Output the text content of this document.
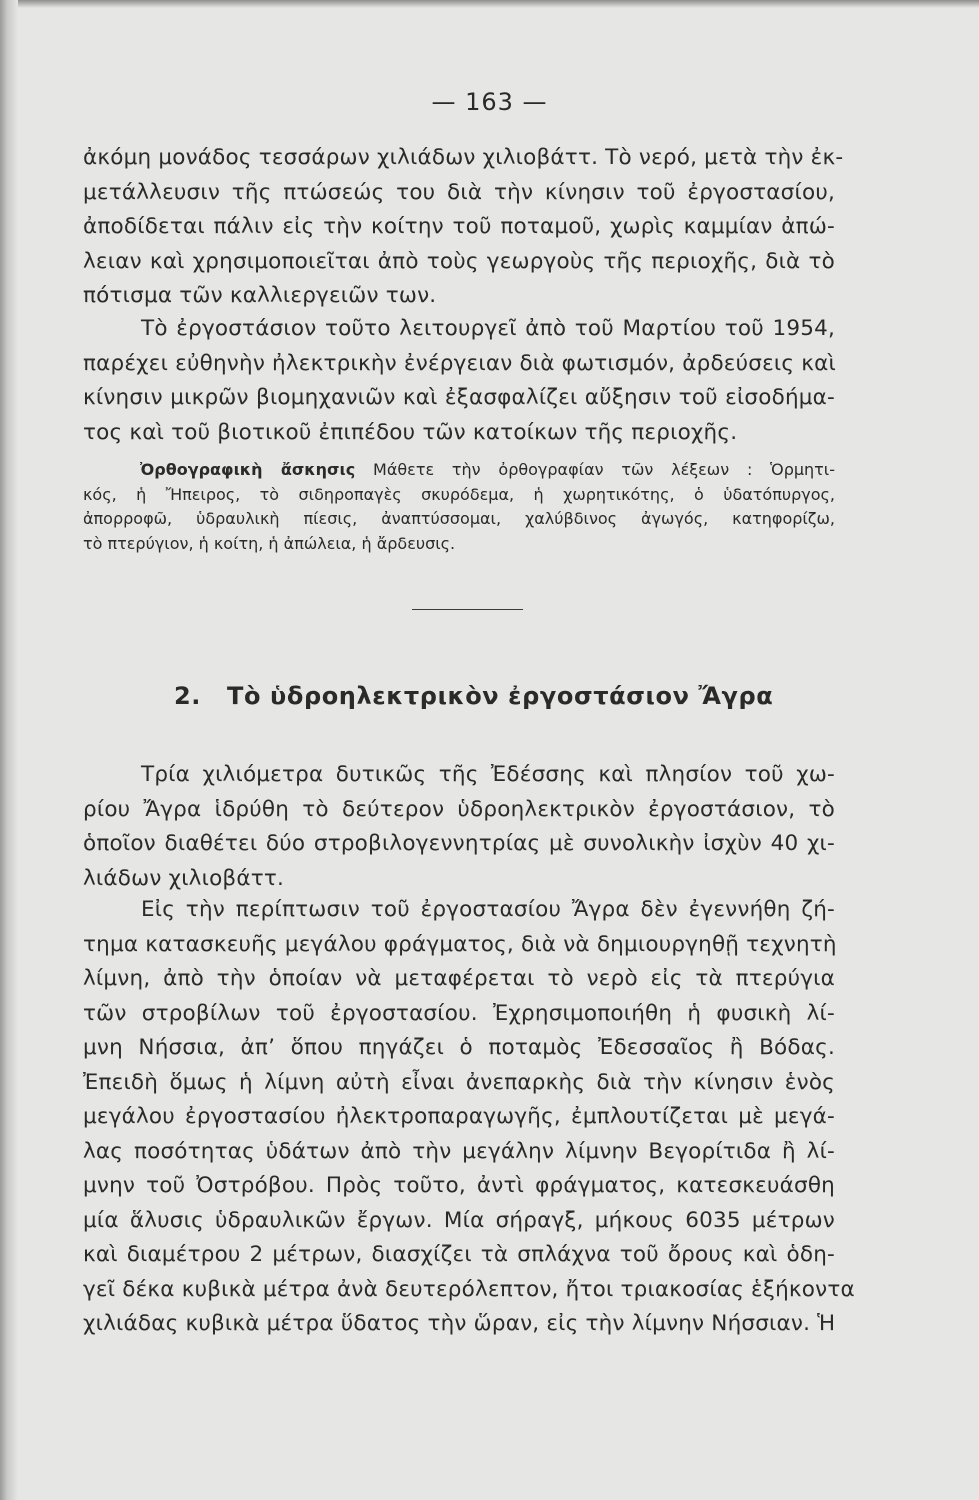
— 163 —
ἀκόμη μονάδος τεσσάρων χιλιάδων χιλιοβάττ. Τὸ νερό, μετὰ τὴν ἐκ-
μετάλλευσιν τῆς πτώσεώς του διὰ τὴν κίνησιν τοῦ ἐργοστασίου,
ἀποδίδεται πάλιν εἰς τὴν κοίτην τοῦ ποταμοῦ, χωρὶς καμμίαν ἀπώ-
λειαν καὶ χρησιμοποιεῖται ἀπὸ τοὺς γεωργοὺς τῆς περιοχῆς, διὰ τὸ
πότισμα τῶν καλλιεργειῶν των.
Τὸ ἐργοστάσιον τοῦτο λειτουργεῖ ἀπὸ τοῦ Μαρτίου τοῦ 1954,
παρέχει εὐθηνὴν ἠλεκτρικὴν ἐνέργειαν διὰ φωτισμόν, ἀρδεύσεις καὶ
κίνησιν μικρῶν βιομηχανιῶν καὶ ἐξασφαλίζει αὔξησιν τοῦ εἰσοδήμα-
τος καὶ τοῦ βιοτικοῦ ἐπιπέδου τῶν κατοίκων τῆς περιοχῆς.
Ὀρθογραφικὴ ἄσκησις Μάθετε τὴν ὀρθογραφίαν τῶν λέξεων : Ὁρμητι-
κός, ἡ Ἤπειρος, τὸ σιδηροπαγὲς σκυρόδεμα, ἡ χωρητικότης, ὁ ὑδατόπυργος,
ἀπορροφῶ, ὑδραυλικὴ πίεσις, ἀναπτύσσομαι, χαλύβδινος ἀγωγός, κατηφορίζω,
τὸ πτερύγιον, ἡ κοίτη, ἡ ἀπώλεια, ἡ ἄρδευσις.
2. Τὸ ὑδροηλεκτρικὸν ἐργοστάσιον Ἄγρα
Τρία χιλιόμετρα δυτικῶς τῆς Ἐδέσσης καὶ πλησίον τοῦ χω-
ρίου Ἄγρα ἱδρύθη τὸ δεύτερον ὑδροηλεκτρικὸν ἐργοστάσιον, τὸ
ὁποῖον διαθέτει δύο στροβιλογεννητρίας μὲ συνολικὴν ἰσχὺν 40 χι-
λιάδων χιλιοβάττ.
Εἰς τὴν περίπτωσιν τοῦ ἐργοστασίου Ἄγρα δὲν ἐγεννήθη ζή-
τημα κατασκευῆς μεγάλου φράγματος, διὰ νὰ δημιουργηθῇ τεχνητὴ
λίμνη, ἀπὸ τὴν ὁποίαν νὰ μεταφέρεται τὸ νερὸ εἰς τὰ πτερύγια
τῶν στροβίλων τοῦ ἐργοστασίου. Ἐχρησιμοποιήθη ἡ φυσικὴ λί-
μνη Νήσσια, ἀπ’ ὅπου πηγάζει ὁ ποταμὸς Ἐδεσσαῖος ἢ Βόδας.
Ἐπειδὴ ὅμως ἡ λίμνη αὐτὴ εἶναι ἀνεπαρκὴς διὰ τὴν κίνησιν ἑνὸς
μεγάλου ἐργοστασίου ἠλεκτροπαραγωγῆς, ἐμπλουτίζεται μὲ μεγά-
λας ποσότητας ὑδάτων ἀπὸ τὴν μεγάλην λίμνην Βεγορίτιδα ἢ λί-
μνην τοῦ Ὀστρόβου. Πρὸς τοῦτο, ἀντὶ φράγματος, κατεσκευάσθη
μία ἅλυσις ὑδραυλικῶν ἔργων. Μία σήραγξ, μήκους 6035 μέτρων
καὶ διαμέτρου 2 μέτρων, διασχίζει τὰ σπλάχνα τοῦ ὄρους καὶ ὁδη-
γεῖ δέκα κυβικὰ μέτρα ἀνὰ δευτερόλεπτον, ἤτοι τριακοσίας ἑξήκοντα
χιλιάδας κυβικὰ μέτρα ὕδατος τὴν ὥραν, εἰς τὴν λίμνην Νήσσιαν. Ἡ
